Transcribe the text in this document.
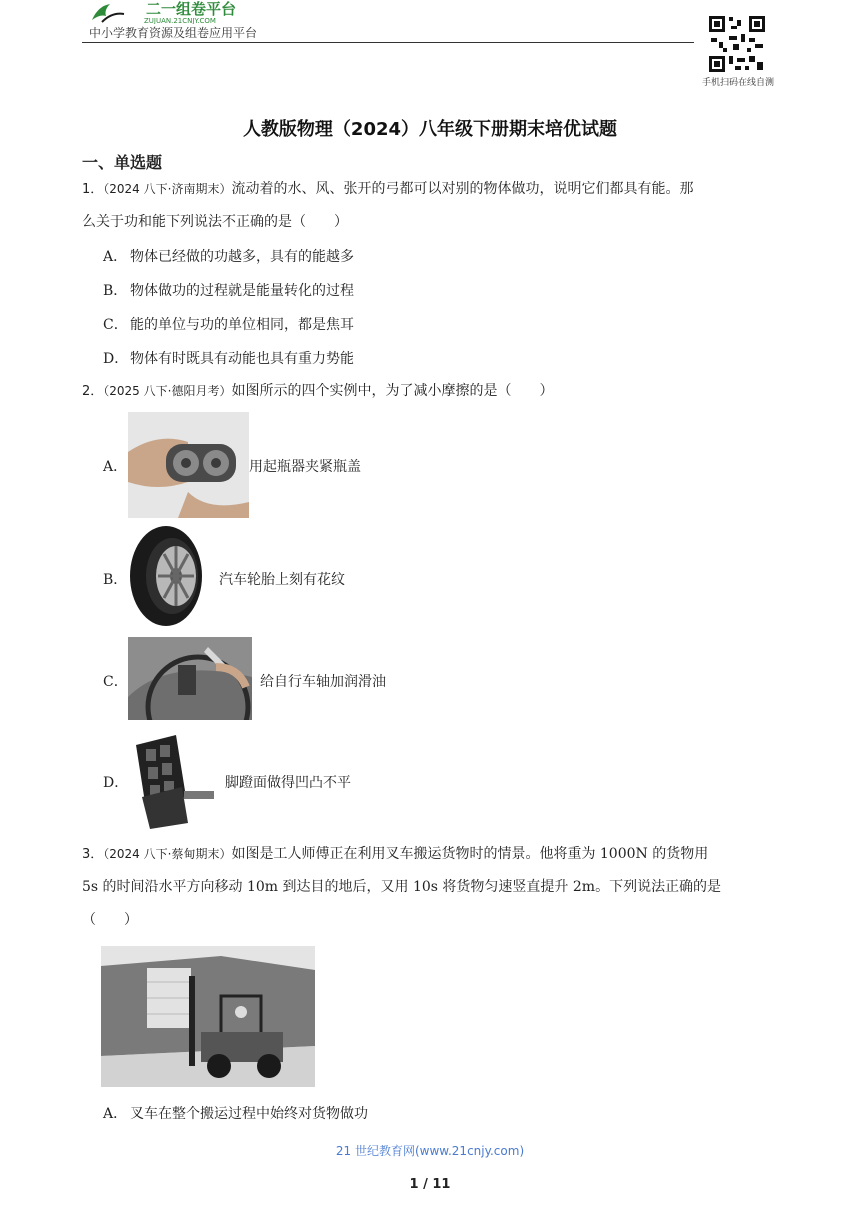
二一组卷平台
ZUJUAN.21CNJY.COM
中小学教育资源及组卷应用平台
手机扫码在线自测
人教版物理（2024）八年级下册期末培优试题
一、单选题
1．（2024 八下·济南期末）流动着的水、风、张开的弓都可以对别的物体做功，说明它们都具有能。那
么关于功和能下列说法不正确的是（　　）
A． 物体已经做的功越多，具有的能越多
B． 物体做功的过程就是能量转化的过程
C． 能的单位与功的单位相同，都是焦耳
D． 物体有时既具有动能也具有重力势能
2．（2025 八下·德阳月考）如图所示的四个实例中，为了减小摩擦的是（　　）
A．	用起瓶器夹紧瓶盖
B．	汽车轮胎上刻有花纹
C．	给自行车轴加润滑油
D．	脚蹬面做得凹凸不平
3．（2024 八下·蔡甸期末）如图是工人师傅正在利用叉车搬运货物时的情景。他将重为 1000N 的货物用
5s 的时间沿水平方向移动 10m 到达目的地后，又用 10s 将货物匀速竖直提升 2m。下列说法正确的是
（　　）
A． 叉车在整个搬运过程中始终对货物做功
21 世纪教育网(www.21cnjy.com)
1 / 11
